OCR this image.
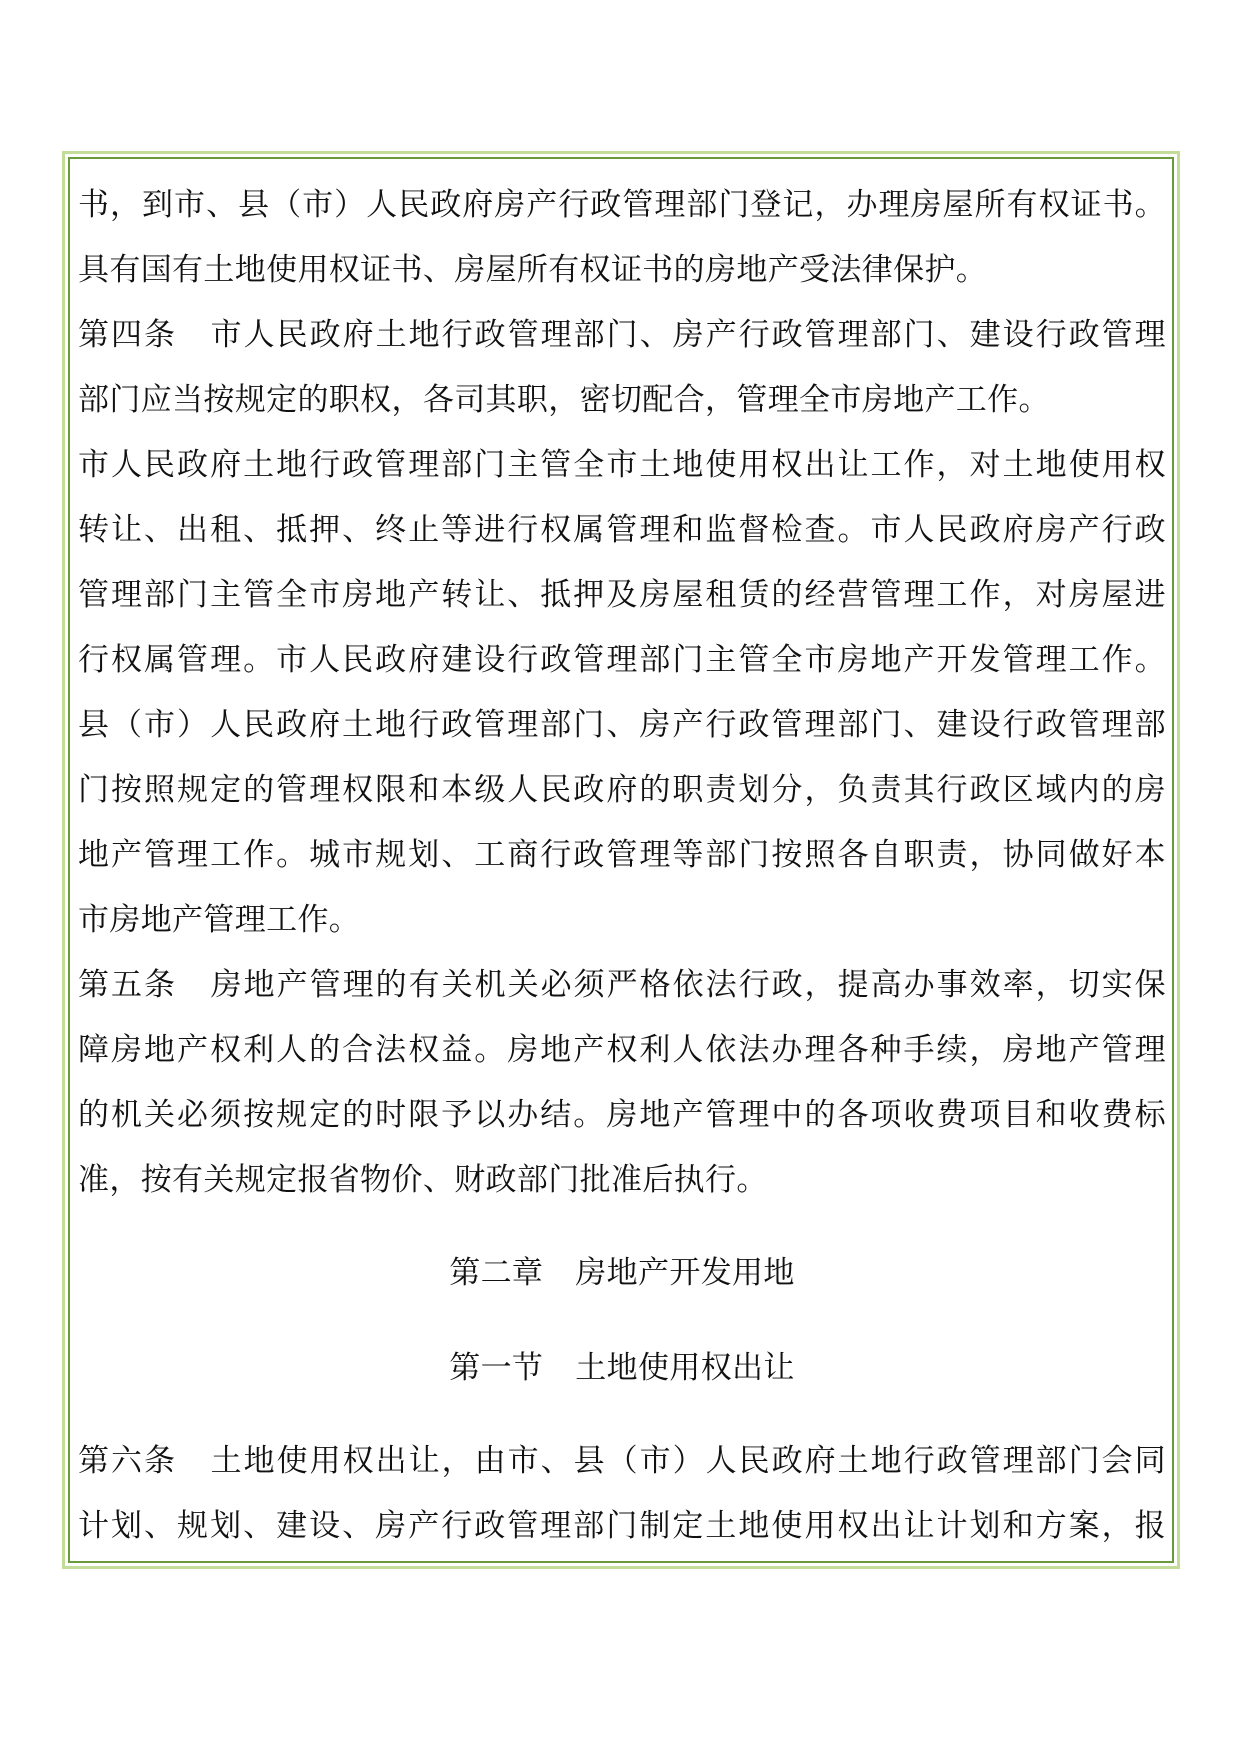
书，到市、县（市）人民政府房产行政管理部门登记，办理房屋所有权证书。
具有国有土地使用权证书、房屋所有权证书的房地产受法律保护。
第四条 市人民政府土地行政管理部门、房产行政管理部门、建设行政管理
部门应当按规定的职权，各司其职，密切配合，管理全市房地产工作。
市人民政府土地行政管理部门主管全市土地使用权出让工作，对土地使用权
转让、出租、抵押、终止等进行权属管理和监督检查。市人民政府房产行政
管理部门主管全市房地产转让、抵押及房屋租赁的经营管理工作，对房屋进
行权属管理。市人民政府建设行政管理部门主管全市房地产开发管理工作。
县（市）人民政府土地行政管理部门、房产行政管理部门、建设行政管理部
门按照规定的管理权限和本级人民政府的职责划分，负责其行政区域内的房
地产管理工作。城市规划、工商行政管理等部门按照各自职责，协同做好本
市房地产管理工作。
第五条 房地产管理的有关机关必须严格依法行政，提高办事效率，切实保
障房地产权利人的合法权益。房地产权利人依法办理各种手续，房地产管理
的机关必须按规定的时限予以办结。房地产管理中的各项收费项目和收费标
准，按有关规定报省物价、财政部门批准后执行。
第二章 房地产开发用地
第一节 土地使用权出让
第六条 土地使用权出让，由市、县（市）人民政府土地行政管理部门会同
计划、规划、建设、房产行政管理部门制定土地使用权出让计划和方案，报
